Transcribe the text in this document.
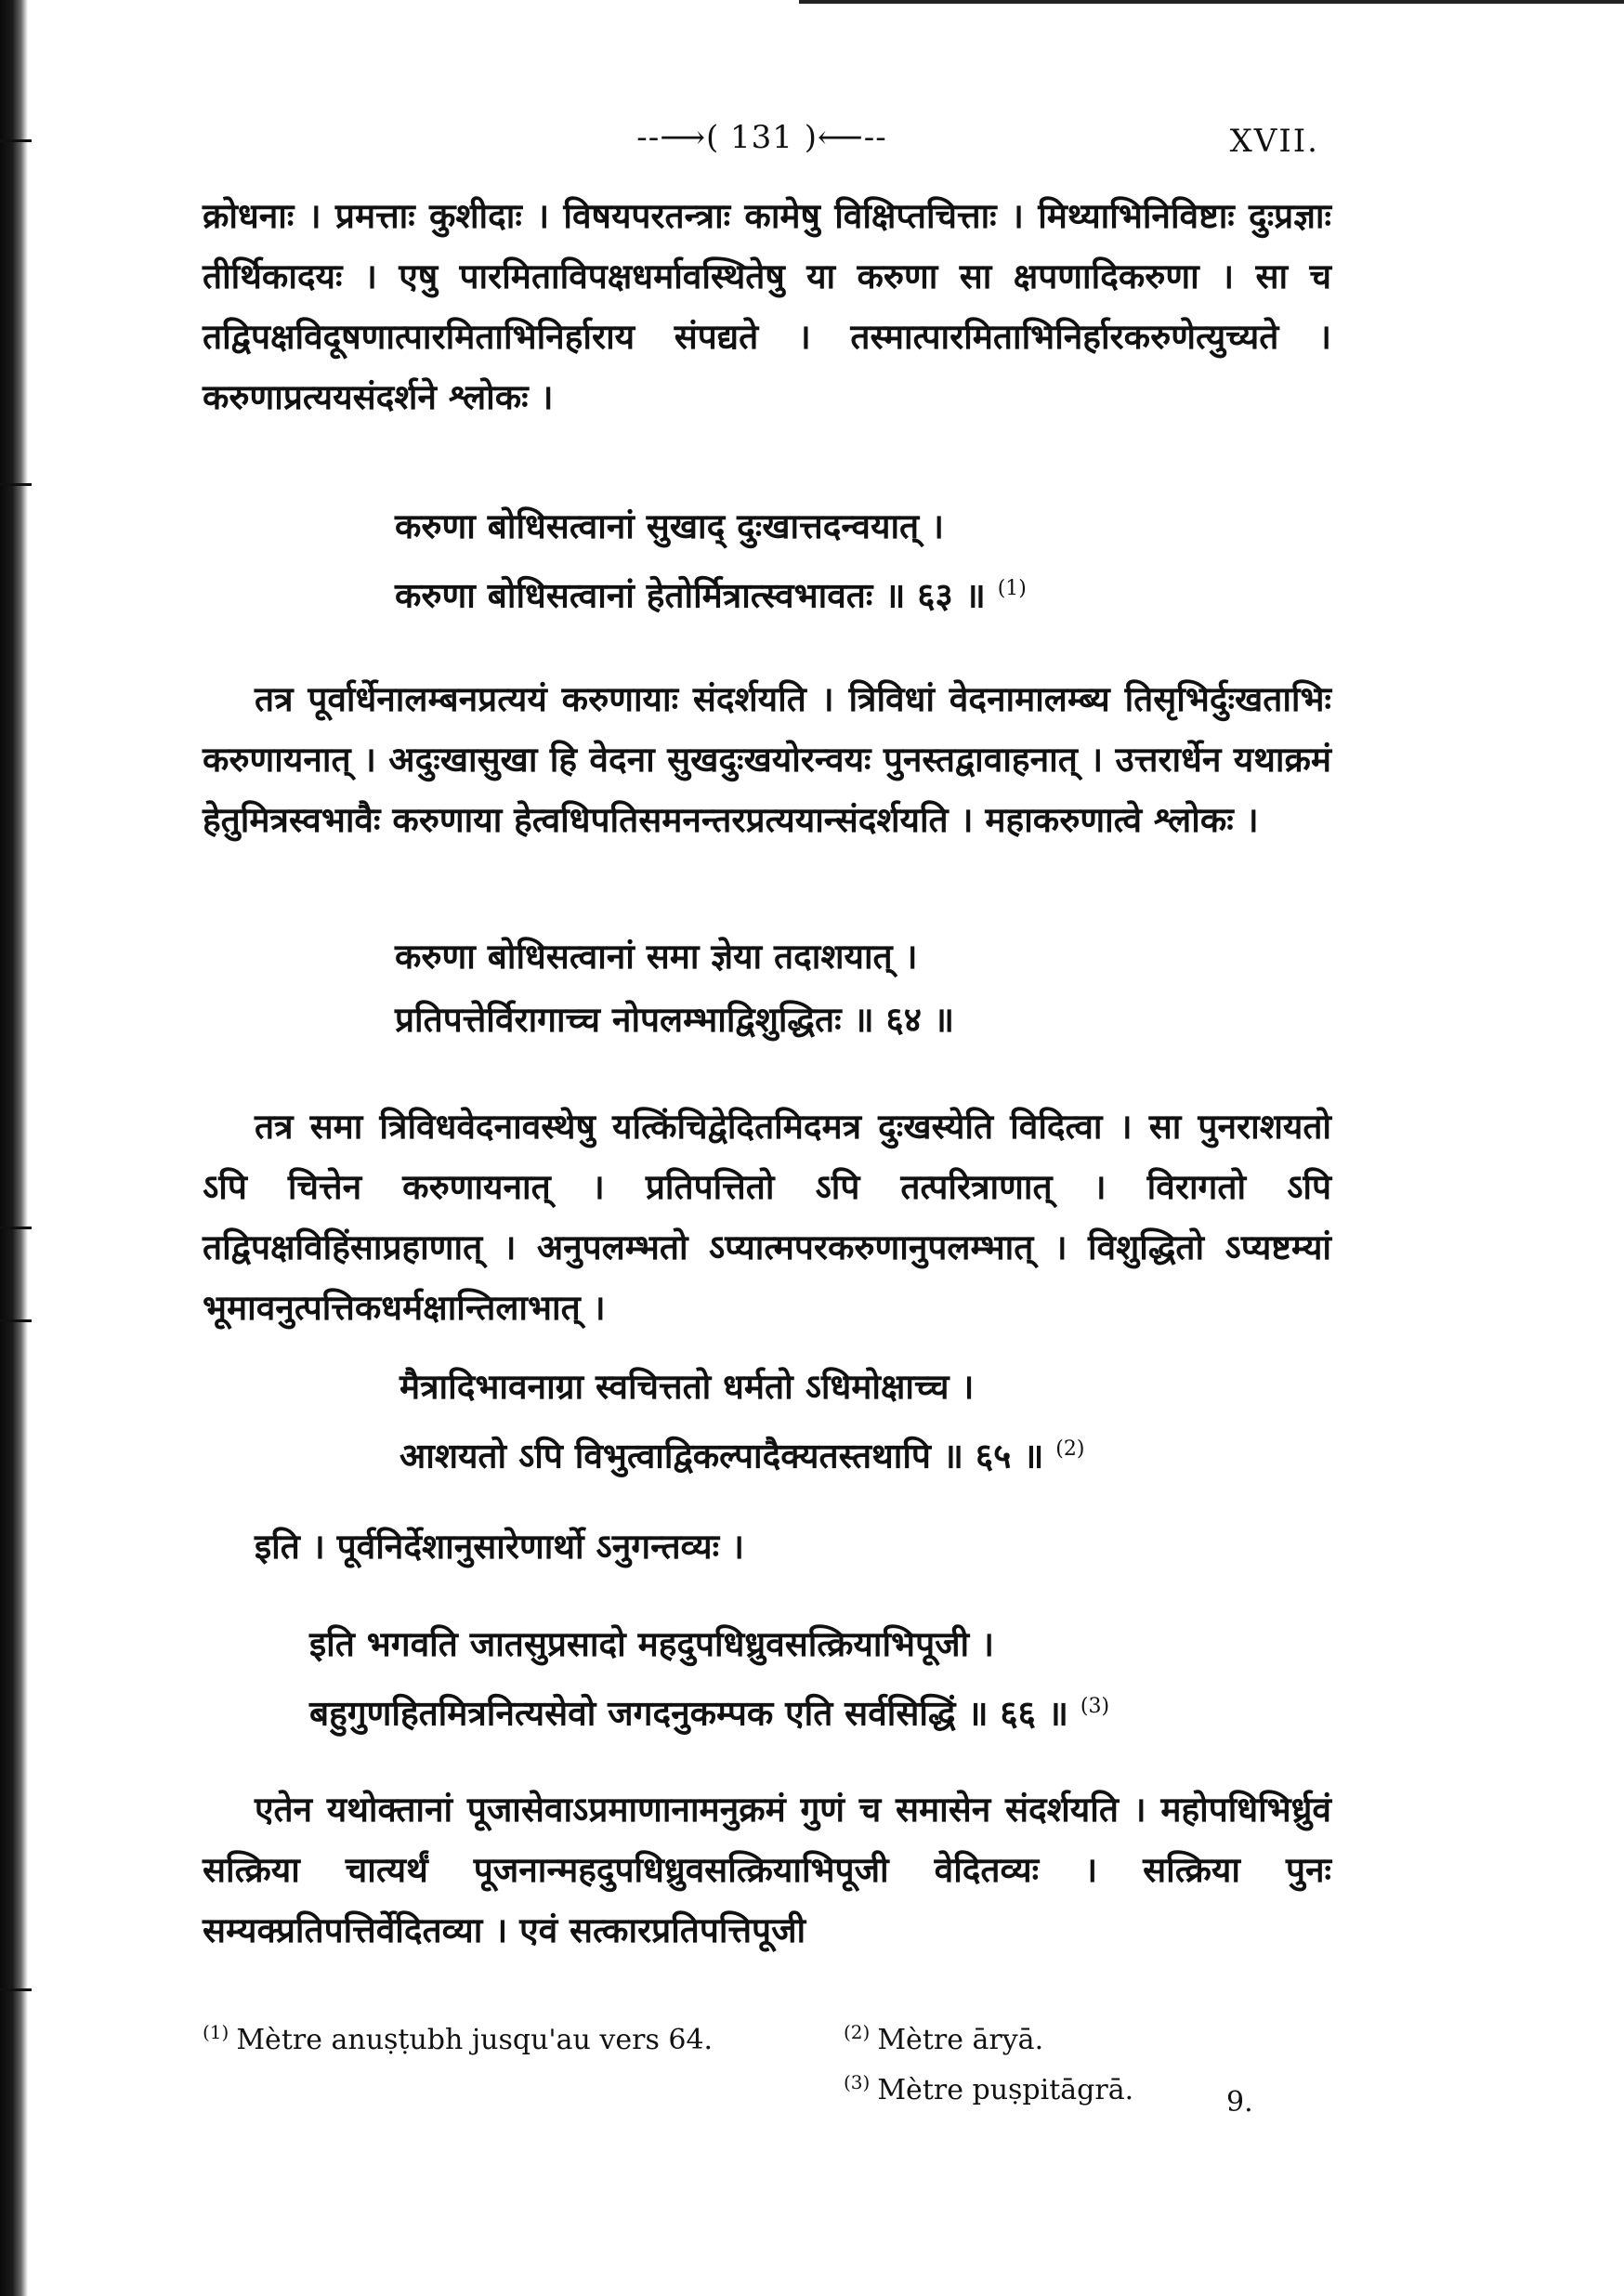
--⟶( 131 )⟵--	XVII.
क्रोधनाः । प्रमत्ताः कुशीदाः । विषयपरतन्त्राः कामेषु विक्षिप्तचित्ताः । मिथ्याभिनिविष्टाः दुःप्रज्ञाः तीर्थिकादयः । एषु पारमिताविपक्षधर्मावस्थितेषु या करुणा सा क्षपणादिकरुणा । सा च तद्विपक्षविदूषणात्पारमिताभिनिर्हाराय संपद्यते । तस्मात्पारमिताभिनिर्हारकरुणेत्युच्यते । करुणाप्रत्ययसंदर्शने श्लोकः ।
करुणा बोधिसत्वानां सुखाद् दुःखात्तदन्वयात् ।
करुणा बोधिसत्वानां हेतोर्मित्रात्स्वभावतः ॥ ६३ ॥ $^{(1)}$
तत्र पूर्वार्धेनालम्बनप्रत्ययं करुणायाः संदर्शयति । त्रिविधां वेदनामालम्ब्य तिसृभिर्दुःखताभिः करुणायनात् । अदुःखासुखा हि वेदना सुखदुःखयोरन्वयः पुनस्तद्वावाहनात् । उत्तरार्धेन यथाक्रमं हेतुमित्रस्वभावैः करुणाया हेत्वधिपतिसमनन्तरप्रत्ययान्संदर्शयति । महाकरुणात्वे श्लोकः ।
करुणा बोधिसत्वानां समा ज्ञेया तदाशयात् ।
प्रतिपत्तेर्विरागाच्च नोपलम्भाद्विशुद्धितः ॥ ६४ ॥
तत्र समा त्रिविधवेदनावस्थेषु यत्किंचिद्वेदितमिदमत्र दुःखस्येति विदित्वा । सा पुनराशयतो ऽपि चित्तेन करुणायनात् । प्रतिपत्तितो ऽपि तत्परित्राणात् । विरागतो ऽपि तद्विपक्षविहिंसाप्रहाणात् । अनुपलम्भतो ऽप्यात्मपरकरुणानुपलम्भात् । विशुद्धितो ऽप्यष्टम्यां भूमावनुत्पत्तिकधर्मक्षान्तिलाभात् ।
मैत्रादिभावनाग्रा स्वचित्ततो धर्मतो ऽधिमोक्षाच्च ।
आशयतो ऽपि विभुत्वाद्विकल्पादैक्यतस्तथापि ॥ ६५ ॥ $^{(2)}$
इति । पूर्वनिर्देशानुसारेणार्थो ऽनुगन्तव्यः ।
इति भगवति जातसुप्रसादो महदुपधिध्रुवसत्क्रियाभिपूजी ।
बहुगुणहितमित्रनित्यसेवो जगदनुकम्पक एति सर्वसिद्धिं ॥ ६६ ॥ $^{(3)}$
एतेन यथोक्तानां पूजासेवाऽप्रमाणानामनुक्रमं गुणं च समासेन संदर्शयति । महोपधिभिर्ध्रुवं सत्क्रिया चात्यर्थं पूजनान्महदुपधिध्रुवसत्क्रियाभिपूजी वेदितव्यः । सत्क्रिया पुनः सम्यक्प्रतिपत्तिर्वेदितव्या । एवं सत्कारप्रतिपत्तिपूजी
$^{(1)}$ Mètre anuṣṭubh jusqu'au vers 64.	$^{(2)}$ Mètre āryā.
$^{(3)}$ Mètre puṣpitāgrā.	9.
